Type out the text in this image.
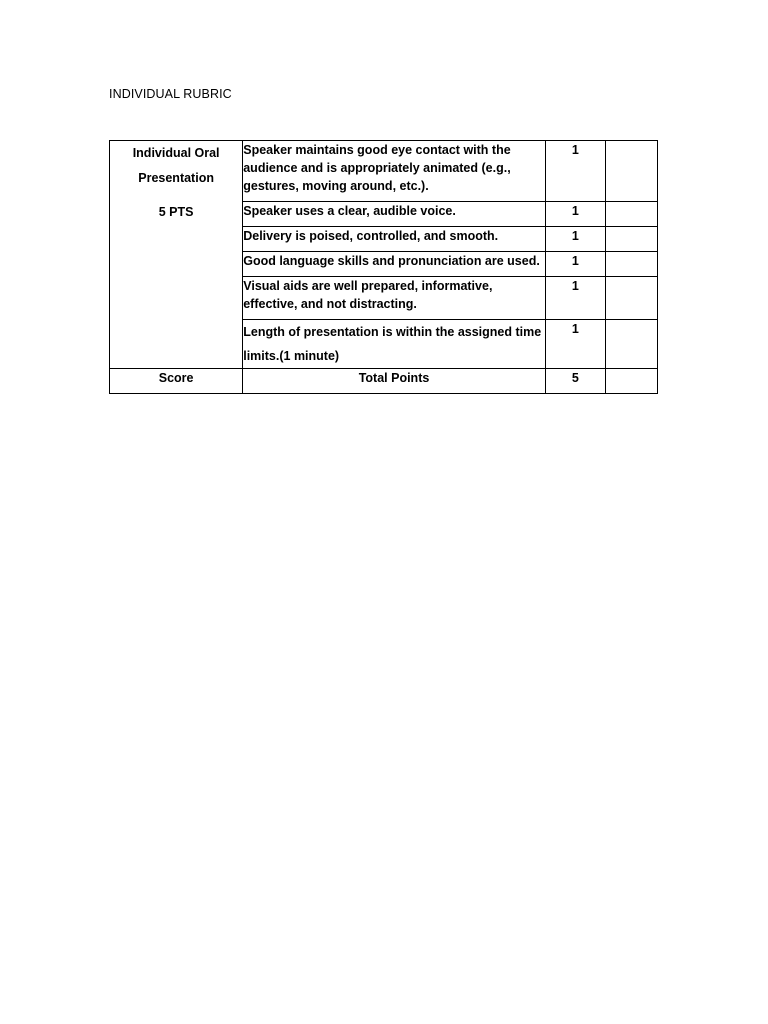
INDIVIDUAL RUBRIC
Individual Oral
Presentation
5 PTS	Speaker maintains good eye contact with the audience and is appropriately animated (e.g., gestures, moving around, etc.).	1	
	Speaker uses a clear, audible voice.	1	
	Delivery is poised, controlled, and smooth.	1	
	Good language skills and pronunciation are used.	1	
	Visual aids are well prepared, informative, effective, and not distracting.	1	
	Length of presentation is within the assigned time limits.(1 minute)	1	
Score	Total Points	5	
